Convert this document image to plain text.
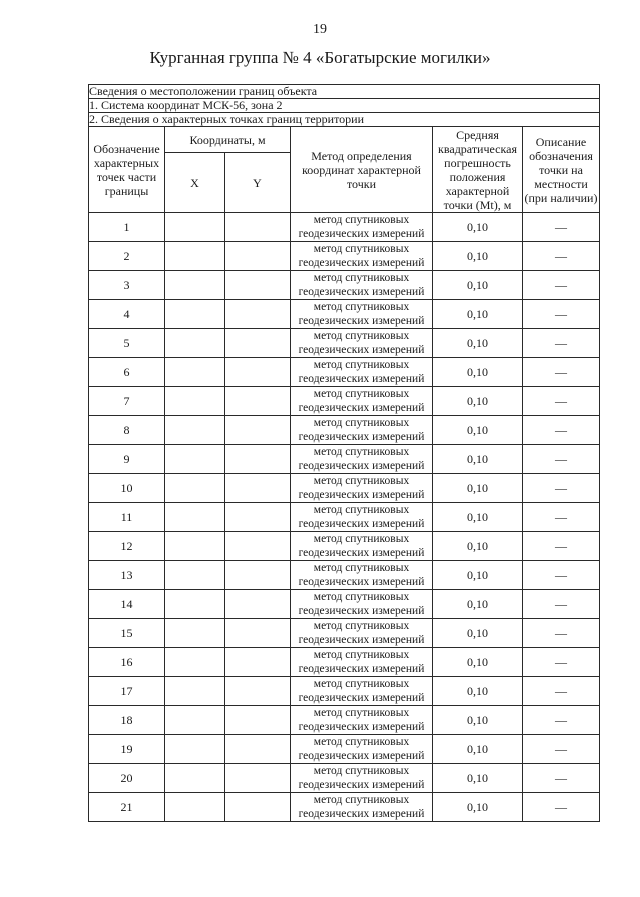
19
Курганная группа № 4 «Богатырские могилки»
Сведения о местоположении границ объекта					
1. Система координат МСК-56, зона 2					
2. Сведения о характерных точках границ территории					
Обозначение характерных точек части границы	Координаты, м		Метод определения координат характерной точки	Средняя квадратическая погрешность положения характерной точки (Mt), м	Описание обозначения точки на местности (при наличии)
	X	Y			
1			метод спутниковых геодезических измерений	0,10	—
2			метод спутниковых геодезических измерений	0,10	—
3			метод спутниковых геодезических измерений	0,10	—
4			метод спутниковых геодезических измерений	0,10	—
5			метод спутниковых геодезических измерений	0,10	—
6			метод спутниковых геодезических измерений	0,10	—
7			метод спутниковых геодезических измерений	0,10	—
8			метод спутниковых геодезических измерений	0,10	—
9			метод спутниковых геодезических измерений	0,10	—
10			метод спутниковых геодезических измерений	0,10	—
11			метод спутниковых геодезических измерений	0,10	—
12			метод спутниковых геодезических измерений	0,10	—
13			метод спутниковых геодезических измерений	0,10	—
14			метод спутниковых геодезических измерений	0,10	—
15			метод спутниковых геодезических измерений	0,10	—
16			метод спутниковых геодезических измерений	0,10	—
17			метод спутниковых геодезических измерений	0,10	—
18			метод спутниковых геодезических измерений	0,10	—
19			метод спутниковых геодезических измерений	0,10	—
20			метод спутниковых геодезических измерений	0,10	—
21			метод спутниковых геодезических измерений	0,10	—
